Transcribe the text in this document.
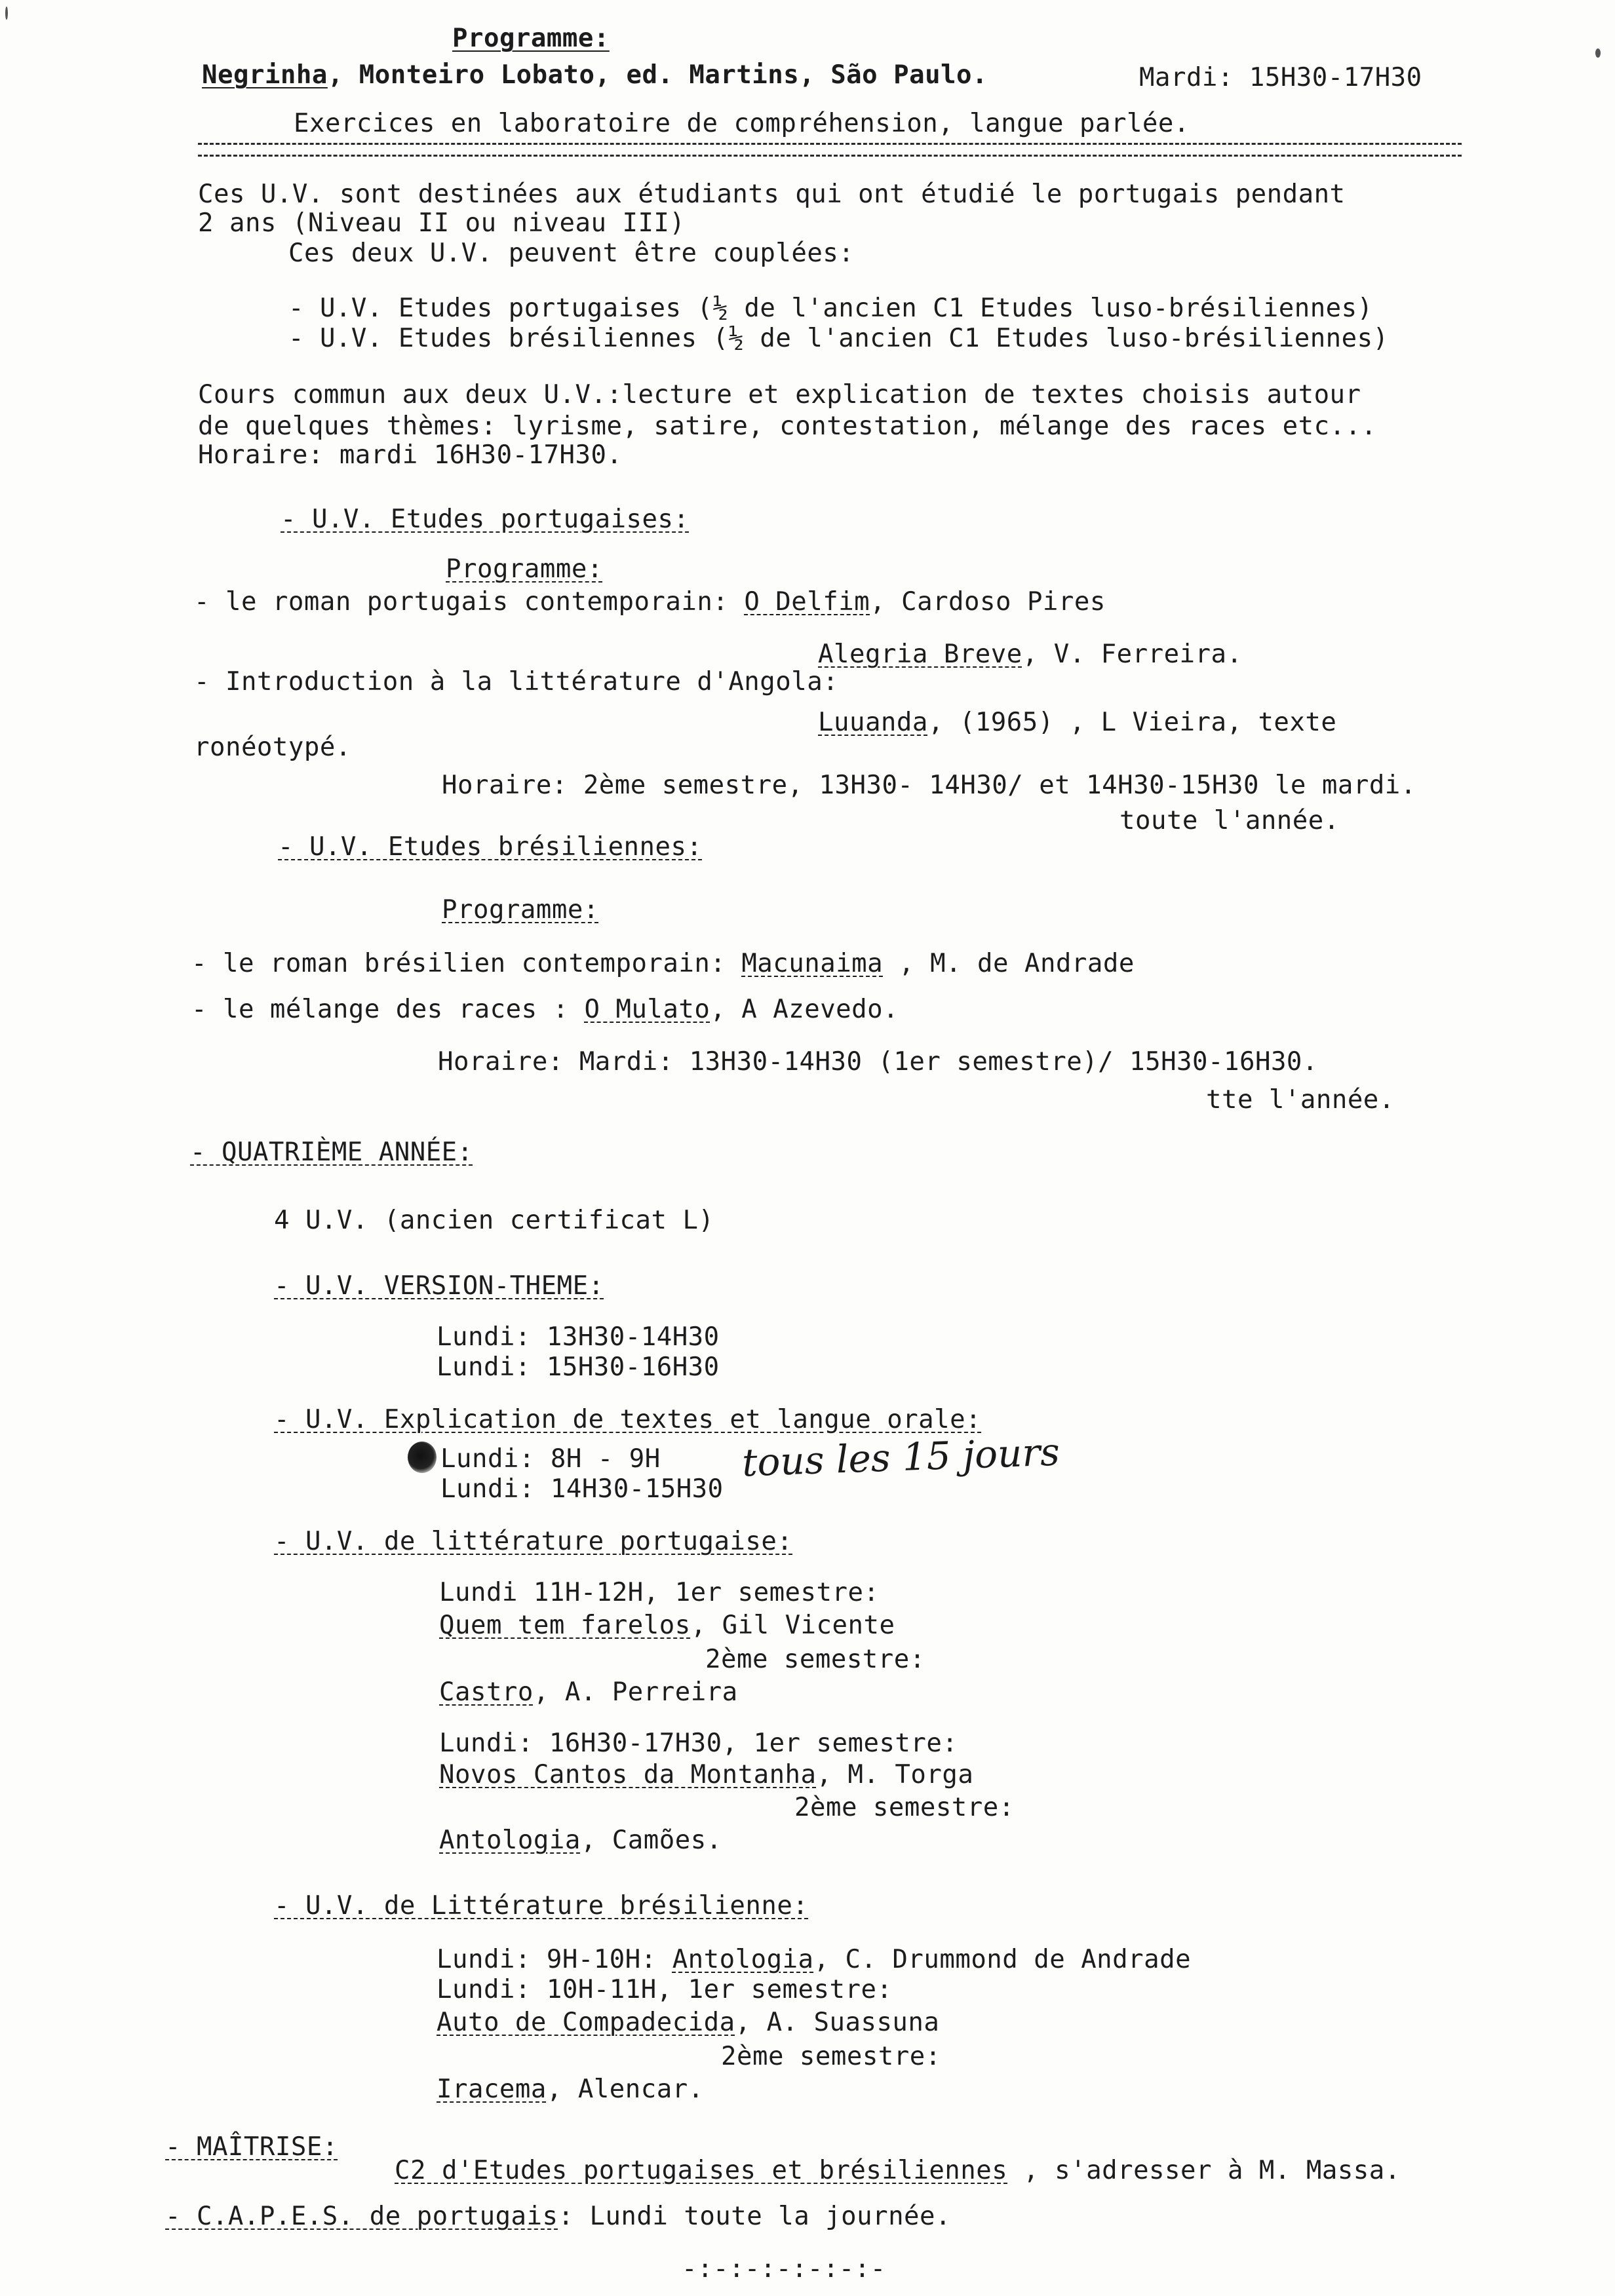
Programme:
Negrinha, Monteiro Lobato, ed. Martins, São Paulo.	Mardi: 15H30-17H30
Exercices en laboratoire de compréhension, langue parlée.
Ces U.V. sont destinées aux étudiants qui ont étudié le portugais pendant
2 ans (Niveau II ou niveau III)
Ces deux U.V. peuvent être couplées:
- U.V. Etudes portugaises (½ de l'ancien C1 Etudes luso-brésiliennes)
- U.V. Etudes brésiliennes (½ de l'ancien C1 Etudes luso-brésiliennes)
Cours commun aux deux U.V.:lecture et explication de textes choisis autour
de quelques thèmes: lyrisme, satire, contestation, mélange des races etc...
Horaire: mardi 16H30-17H30.
- U.V. Etudes portugaises:
Programme:
- le roman portugais contemporain: O Delfim, Cardoso Pires
Alegria Breve, V. Ferreira.
- Introduction à la littérature d'Angola:
Luuanda, (1965) , L Vieira, texte
ronéotypé.
Horaire: 2ème semestre, 13H30- 14H30/ et 14H30-15H30 le mardi.
toute l'année.
- U.V. Etudes brésiliennes:
Programme:
- le roman brésilien contemporain: Macunaima , M. de Andrade
- le mélange des races : O Mulato, A Azevedo.
Horaire: Mardi: 13H30-14H30 (1er semestre)/ 15H30-16H30.
tte l'année.
- QUATRIÈME ANNÉE:
4 U.V. (ancien certificat L)
- U.V. VERSION-THEME:
Lundi: 13H30-14H30
Lundi: 15H30-16H30
- U.V. Explication de textes et langue orale:
Lundi: 8H - 9H tous les 15 jours
Lundi: 14H30-15H30
- U.V. de littérature portugaise:
Lundi 11H-12H, 1er semestre:
Quem tem farelos, Gil Vicente
2ème semestre:
Castro, A. Perreira
Lundi: 16H30-17H30, 1er semestre:
Novos Cantos da Montanha, M. Torga
2ème semestre:
Antologia, Camões.
- U.V. de Littérature brésilienne:
Lundi: 9H-10H: Antologia, C. Drummond de Andrade
Lundi: 10H-11H, 1er semestre:
Auto de Compadecida, A. Suassuna
2ème semestre:
Iracema, Alencar.
- MAÎTRISE:
C2 d'Etudes portugaises et brésiliennes , s'adresser à M. Massa.
- C.A.P.E.S. de portugais: Lundi toute la journée.
-:-:-:-:-:-:-
